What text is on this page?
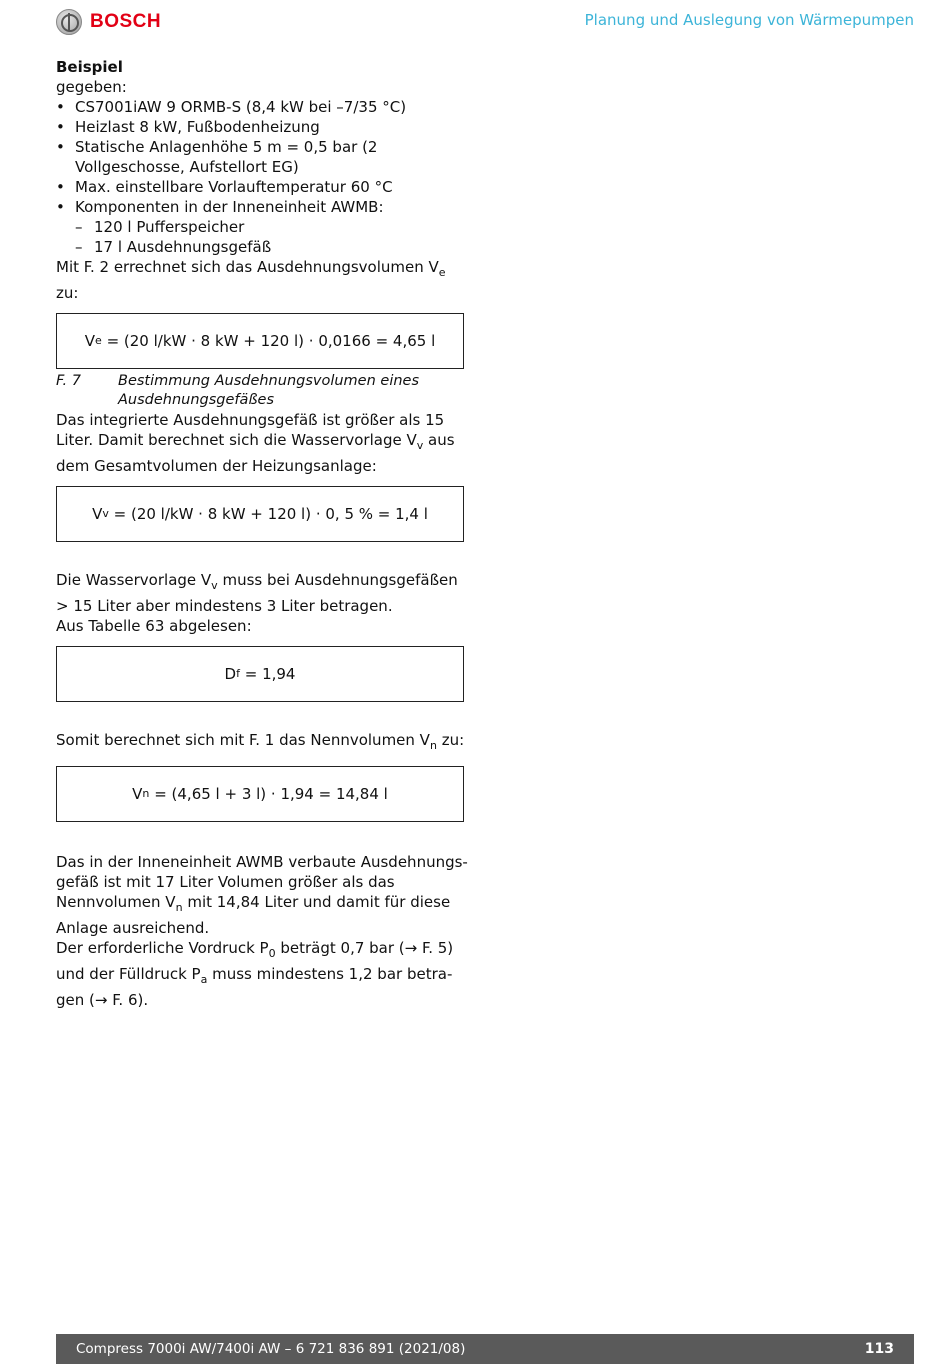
BOSCH	Planung und Auslegung von Wärmepumpen

Beispiel

gegeben:

• CS7001iAW 9 ORMB-S (8,4 kW bei –7/35 °C)
• Heizlast 8 kW, Fußbodenheizung
• Statische Anlagenhöhe 5 m = 0,5 bar (2 Vollgeschosse, Aufstellort EG)
• Max. einstellbare Vorlauftemperatur 60 °C
• Komponenten in der Inneneinheit AWMB:
– 120 l Pufferspeicher
– 17 l Ausdehnungsgefäß

Mit F. 2 errechnet sich das Ausdehnungsvolumen $V_e$ zu:

V e
= (20 l/kW · 8 kW + 120 l) · 0,0166 = 4,65 l
F. 7	Bestimmung Ausdehnungsvolumen eines Ausdehnungsgefäßes

Das integrierte Ausdehnungsgefäß ist größer als 15 Liter. Damit berechnet sich die Wasservorlage $V_v$ aus dem Gesamtvolumen der Heizungsanlage:

V v
= (20 l/kW · 8 kW + 120 l) · 0, 5 % = 1,4 l

Die Wasservorlage $V_v$ muss bei Ausdehnungsgefäßen > 15 Liter aber mindestens 3 Liter betragen.

Aus Tabelle 63 abgelesen:

D f
= 1,94

Somit berechnet sich mit F. 1 das Nennvolumen $V_n$ zu:

V n
= (4,65 l + 3 l) · 1,94 = 14,84 l

Das in der Inneneinheit AWMB verbaute Ausdehnungsgefäß ist mit 17 Liter Volumen größer als das Nennvolumen $V_n$ mit 14,84 Liter und damit für diese Anlage ausreichend.

Der erforderliche Vordruck $P_0$ beträgt 0,7 bar (→ F. 5) und der Fülldruck $P_a$ muss mindestens 1,2 bar betragen (→ F. 6).

Compress 7000i AW/7400i AW – 6 721 836 891 (2021/08)	113
